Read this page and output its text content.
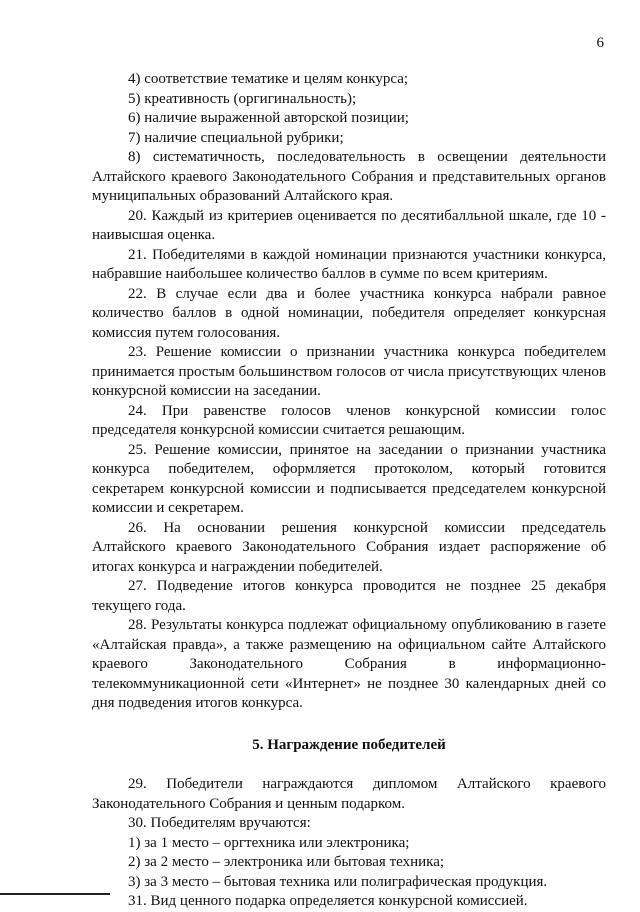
6

4) соответствие тематике и целям конкурса;

5) креативность (оргигинальность);

6) наличие выраженной авторской позиции;

7) наличие специальной рубрики;

8) систематичность, последовательность в освещении деятельности Алтайского краевого Законодательного Собрания и представительных органов муниципальных образований Алтайского края.

20. Каждый из критериев оценивается по десятибалльной шкале, где 10 - наивысшая оценка.

21. Победителями в каждой номинации признаются участники конкурса, набравшие наибольшее количество баллов в сумме по всем критериям.

22. В случае если два и более участника конкурса набрали равное количество баллов в одной номинации, победителя определяет конкурсная комиссия путем голосования.

23. Решение комиссии о признании участника конкурса победителем принимается простым большинством голосов от числа присутствующих членов конкурсной комиссии на заседании.

24. При равенстве голосов членов конкурсной комиссии голос председателя конкурсной комиссии считается решающим.

25. Решение комиссии, принятое на заседании о признании участника конкурса победителем, оформляется протоколом, который готовится секретарем конкурсной комиссии и подписывается председателем конкурсной комиссии и секретарем.

26. На основании решения конкурсной комиссии председатель Алтайского краевого Законодательного Собрания издает распоряжение об итогах конкурса и награждении победителей.

27. Подведение итогов конкурса проводится не позднее 25 декабря текущего года.

28. Результаты конкурса подлежат официальному опубликованию в газете «Алтайская правда», а также размещению на официальном сайте Алтайского краевого Законодательного Собрания в информационно-телекоммуникационной сети «Интернет» не позднее 30 календарных дней со дня подведения итогов конкурса.

5. Награждение победителей

29. Победители награждаются дипломом Алтайского краевого Законодательного Собрания и ценным подарком.

30. Победителям вручаются:

1) за 1 место – оргтехника или электроника;

2) за 2 место – электроника или бытовая техника;

3) за 3 место – бытовая техника или полиграфическая продукция.

31. Вид ценного подарка определяется конкурсной комиссией.
